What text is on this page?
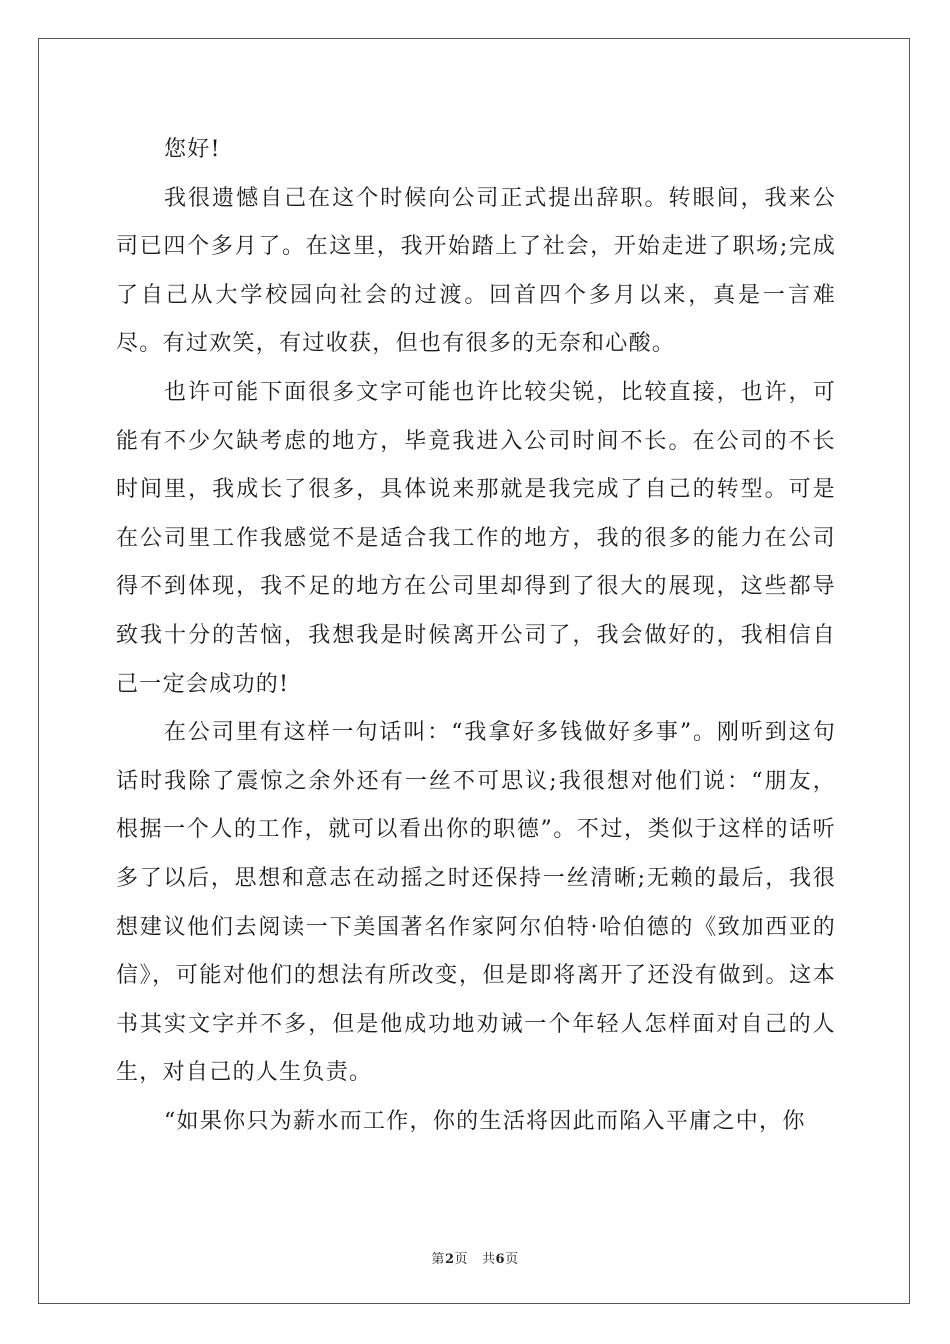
您好!

我很遗憾自己在这个时候向公司正式提出辞职。转眼间，我来公司已四个多月了。在这里，我开始踏上了社会，开始走进了职场;完成了自己从大学校园向社会的过渡。回首四个多月以来，真是一言难尽。有过欢笑，有过收获，但也有很多的无奈和心酸。

也许可能下面很多文字可能也许比较尖锐，比较直接，也许，可能有不少欠缺考虑的地方，毕竟我进入公司时间不长。在公司的不长时间里，我成长了很多，具体说来那就是我完成了自己的转型。可是在公司里工作我感觉不是适合我工作的地方，我的很多的能力在公司得不到体现，我不足的地方在公司里却得到了很大的展现，这些都导致我十分的苦恼，我想我是时候离开公司了，我会做好的，我相信自己一定会成功的!

在公司里有这样一句话叫：“我拿好多钱做好多事”。刚听到这句话时我除了震惊之余外还有一丝不可思议;我很想对他们说：“朋友，根据一个人的工作，就可以看出你的职德”。不过，类似于这样的话听多了以后，思想和意志在动摇之时还保持一丝清晰;无赖的最后，我很想建议他们去阅读一下美国著名作家阿尔伯特·哈伯德的《致加西亚的信》，可能对他们的想法有所改变，但是即将离开了还没有做到。这本书其实文字并不多，但是他成功地劝诫一个年轻人怎样面对自己的人生，对自己的人生负责。

“如果你只为薪水而工作，你的生活将因此而陷入平庸之中，你

第2页 共6页
